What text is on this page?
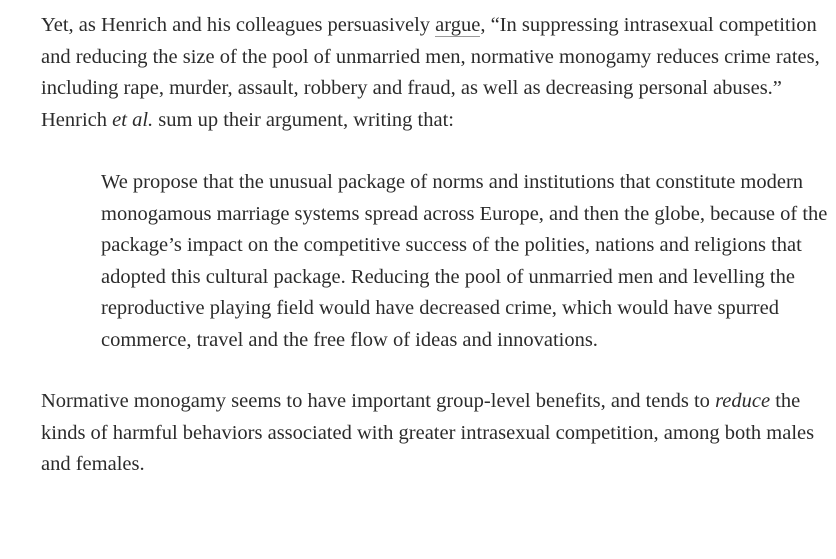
Yet, as Henrich and his colleagues persuasively argue, “In suppressing intrasexual competition and reducing the size of the pool of unmarried men, normative monogamy reduces crime rates, including rape, murder, assault, robbery and fraud, as well as decreasing personal abuses.” Henrich et al. sum up their argument, writing that:

We propose that the unusual package of norms and institutions that constitute modern monogamous marriage systems spread across Europe, and then the globe, because of the package’s impact on the competitive success of the polities, nations and religions that adopted this cultural package. Reducing the pool of unmarried men and levelling the reproductive playing field would have decreased crime, which would have spurred commerce, travel and the free flow of ideas and innovations.

Normative monogamy seems to have important group-level benefits, and tends to reduce the kinds of harmful behaviors associated with greater intrasexual competition, among both males and females.
